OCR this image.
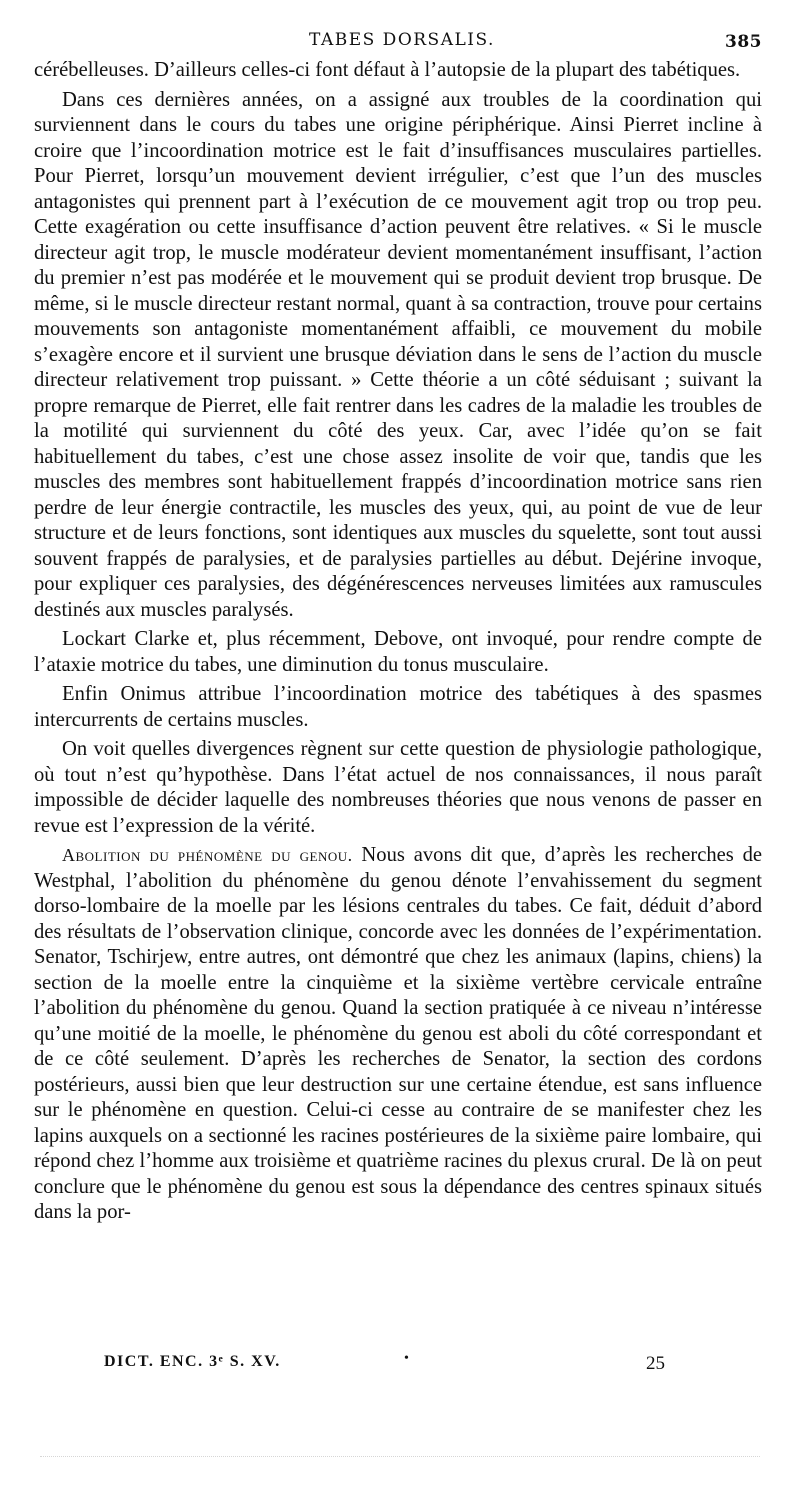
TABES DORSALIS.	385

cérébelleuses. D’ailleurs celles-ci font défaut à l’autopsie de la plupart des tabétiques.

Dans ces dernières années, on a assigné aux troubles de la coordination qui surviennent dans le cours du tabes une origine périphérique. Ainsi Pierret incline à croire que l’incoordination motrice est le fait d’insuffisances musculaires partielles. Pour Pierret, lorsqu’un mouvement devient irrégulier, c’est que l’un des muscles antagonistes qui prennent part à l’exécution de ce mouvement agit trop ou trop peu. Cette exagération ou cette insuffisance d’action peuvent être relatives. « Si le muscle directeur agit trop, le muscle modérateur devient momentanément insuffisant, l’action du premier n’est pas modérée et le mouvement qui se produit devient trop brusque. De même, si le muscle directeur restant normal, quant à sa contraction, trouve pour certains mouvements son antagoniste momentanément affaibli, ce mouvement du mobile s’exagère encore et il survient une brusque déviation dans le sens de l’action du muscle directeur relativement trop puissant. » Cette théorie a un côté séduisant ; suivant la propre remarque de Pierret, elle fait rentrer dans les cadres de la maladie les troubles de la motilité qui surviennent du côté des yeux. Car, avec l’idée qu’on se fait habituellement du tabes, c’est une chose assez insolite de voir que, tandis que les muscles des membres sont habituellement frappés d’incoordination motrice sans rien perdre de leur énergie contractile, les muscles des yeux, qui, au point de vue de leur structure et de leurs fonctions, sont identiques aux muscles du squelette, sont tout aussi souvent frappés de paralysies, et de paralysies partielles au début. Dejérine invoque, pour expliquer ces paralysies, des dégénérescences nerveuses limitées aux ramuscules destinés aux muscles paralysés.

Lockart Clarke et, plus récemment, Debove, ont invoqué, pour rendre compte de l’ataxie motrice du tabes, une diminution du tonus musculaire.

Enfin Onimus attribue l’incoordination motrice des tabétiques à des spasmes intercurrents de certains muscles.

On voit quelles divergences règnent sur cette question de physiologie pathologique, où tout n’est qu’hypothèse. Dans l’état actuel de nos connaissances, il nous paraît impossible de décider laquelle des nombreuses théories que nous venons de passer en revue est l’expression de la vérité.

Abolition du phénomène du genou. Nous avons dit que, d’après les recherches de Westphal, l’abolition du phénomène du genou dénote l’envahissement du segment dorso-lombaire de la moelle par les lésions centrales du tabes. Ce fait, déduit d’abord des résultats de l’observation clinique, concorde avec les données de l’expérimentation. Senator, Tschirjew, entre autres, ont démontré que chez les animaux (lapins, chiens) la section de la moelle entre la cinquième et la sixième vertèbre cervicale entraîne l’abolition du phénomène du genou. Quand la section pratiquée à ce niveau n’intéresse qu’une moitié de la moelle, le phénomène du genou est aboli du côté correspondant et de ce côté seulement. D’après les recherches de Senator, la section des cordons postérieurs, aussi bien que leur destruction sur une certaine étendue, est sans influence sur le phénomène en question. Celui-ci cesse au contraire de se manifester chez les lapins auxquels on a sectionné les racines postérieures de la sixième paire lombaire, qui répond chez l’homme aux troisième et quatrième racines du plexus crural. De là on peut conclure que le phénomène du genou est sous la dépendance des centres spinaux situés dans la por-

DICT. ENC. 3ᵉ S. XV.	•	25
